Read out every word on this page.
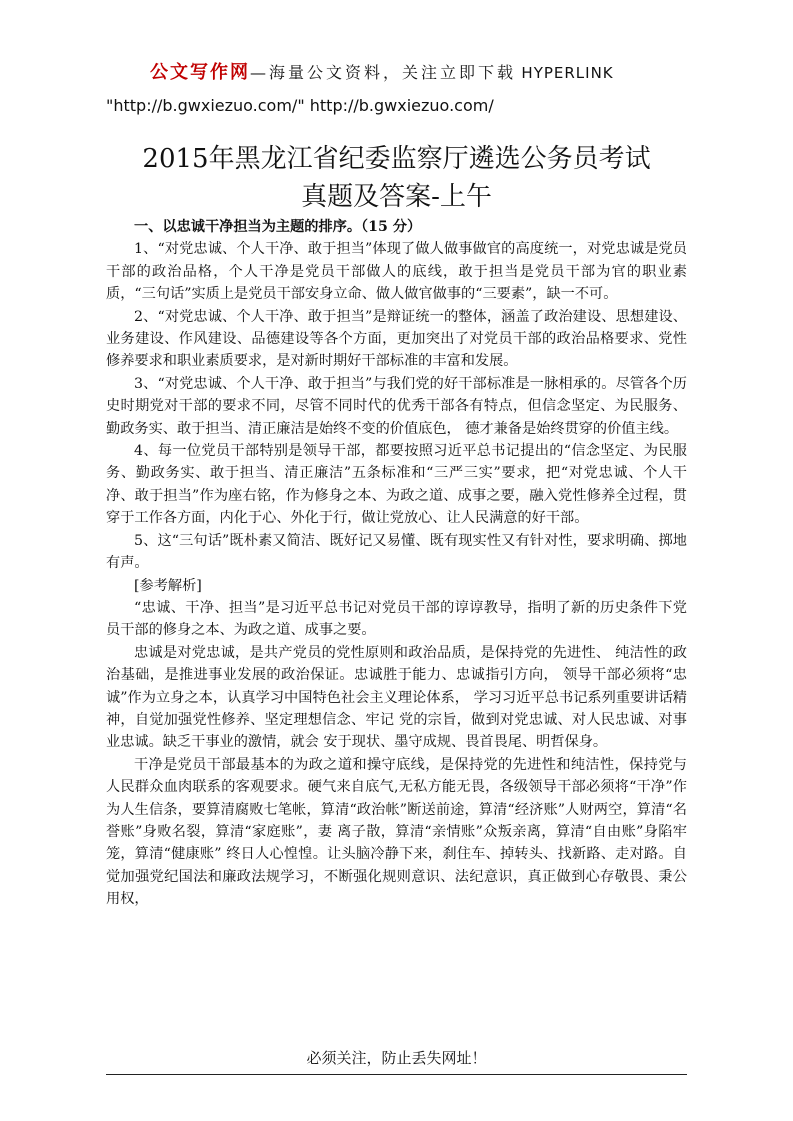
公文写作网—海量公文资料，关注立即下载 HYPERLINK
"http://b.gwxiezuo.com/" http://b.gwxiezuo.com/
2015年黑龙江省纪委监察厅遴选公务员考试
真题及答案-上午

一、以忠诚干净担当为主题的排序。（15 分）

1、“对党忠诚、个人干净、敢于担当”体现了做人做事做官的高度统一，对党忠诚是党员干部的政治品格，个人干净是党员干部做人的底线，敢于担当是党员干部为官的职业素质，“三句话”实质上是党员干部安身立命、做人做官做事的“三要素”，缺一不可。

2、“对党忠诚、个人干净、敢于担当”是辩证统一的整体，涵盖了政治建设、思想建设、业务建设、作风建设、品德建设等各个方面，更加突出了对党员干部的政治品格要求、党性修养要求和职业素质要求，是对新时期好干部标准的丰富和发展。

3、“对党忠诚、个人干净、敢于担当”与我们党的好干部标准是一脉相承的。尽管各个历史时期党对干部的要求不同，尽管不同时代的优秀干部各有特点，但信念坚定、为民服务、勤政务实、敢于担当、清正廉洁是始终不变的价值底色， 德才兼备是始终贯穿的价值主线。

4、每一位党员干部特别是领导干部，都要按照习近平总书记提出的“信念坚定、为民服务、勤政务实、敢于担当、清正廉洁”五条标准和“三严三实”要求，把“对党忠诚、个人干净、敢于担当”作为座右铭，作为修身之本、为政之道、成事之要，融入党性修养全过程，贯穿于工作各方面，内化于心、外化于行，做让党放心、让人民满意的好干部。

5、这“三句话”既朴素又简洁、既好记又易懂、既有现实性又有针对性，要求明确、掷地有声。

[参考解析]

“忠诚、干净、担当”是习近平总书记对党员干部的谆谆教导，指明了新的历史条件下党员干部的修身之本、为政之道、成事之要。

忠诚是对党忠诚，是共产党员的党性原则和政治品质，是保持党的先进性、 纯洁性的政治基础，是推进事业发展的政治保证。忠诚胜于能力、忠诚指引方向， 领导干部必须将“忠诚”作为立身之本，认真学习中国特色社会主义理论体系， 学习习近平总书记系列重要讲话精神，自觉加强党性修养、坚定理想信念、牢记 党的宗旨，做到对党忠诚、对人民忠诚、对事业忠诚。缺乏干事业的激情，就会 安于现状、墨守成规、畏首畏尾、明哲保身。

干净是党员干部最基本的为政之道和操守底线，是保持党的先进性和纯洁性，保持党与人民群众血肉联系的客观要求。硬气来自底气,无私方能无畏，各级领导干部必须将“干净”作为人生信条，要算清腐败七笔帐，算清“政治帐”断送前途，算清“经济账”人财两空，算清“名誉账”身败名裂，算清“家庭账”，妻 离子散，算清“亲情账”众叛亲离，算清“自由账”身陷牢笼，算清“健康账” 终日人心惶惶。让头脑冷静下来，刹住车、掉转头、找新路、走对路。自觉加强党纪国法和廉政法规学习，不断强化规则意识、法纪意识，真正做到心存敬畏、秉公用权，

必须关注，防止丢失网址！
